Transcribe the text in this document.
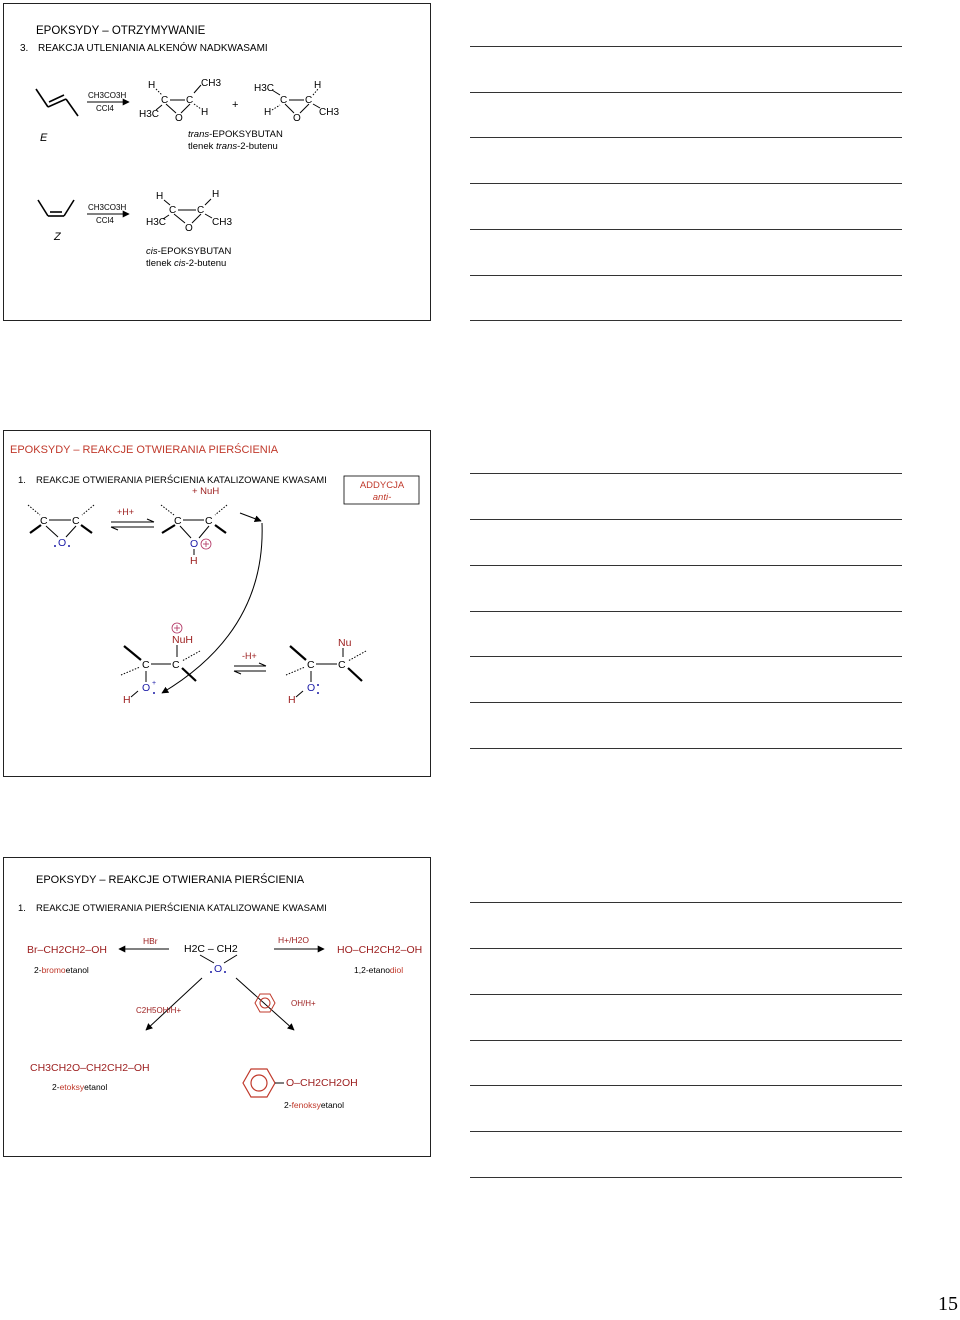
EPOKSYDY – OTRZYMYWANIE
3. REAKCJA UTLENIANIA ALKENÓW NADKWASAMI
CH3CO3H
CCl4
H
C C
CH3
H3C	H
O
+
H3C	H
C C
H	CH3
O
E	trans-EPOKSYBUTAN
tlenek trans-2-butenu
CH3CO3H
CCl4
H	H
C C
H3C	CH3
O
Z
cis-EPOKSYBUTAN
tlenek cis-2-butenu
EPOKSYDY – REAKCJE OTWIERANIA PIERŚCIENIA
1. REAKCJE OTWIERANIA PIERŚCIENIA KATALIZOWANE KWASAMI	ADDYCJA
anti-
C C
O
+H+
C C
O
H
+ NuH
NuH
C C
O
H
+
-H+
Nu
C C
O
H
EPOKSYDY – REAKCJE OTWIERANIA PIERŚCIENIA
1. REAKCJE OTWIERANIA PIERŚCIENIA KATALIZOWANE KWASAMI
Br–CH2CH2–OH
2-bromoetanol
HBr
H2C – CH2
O
H+/H2O
HO–CH2CH2–OH
1,2-etanodiol
C2H5OH/H+
OH/H+
CH3CH2O–CH2CH2–OH
2-etoksyetanol	O–CH2CH2OH
2-fenoksyetanol
15
